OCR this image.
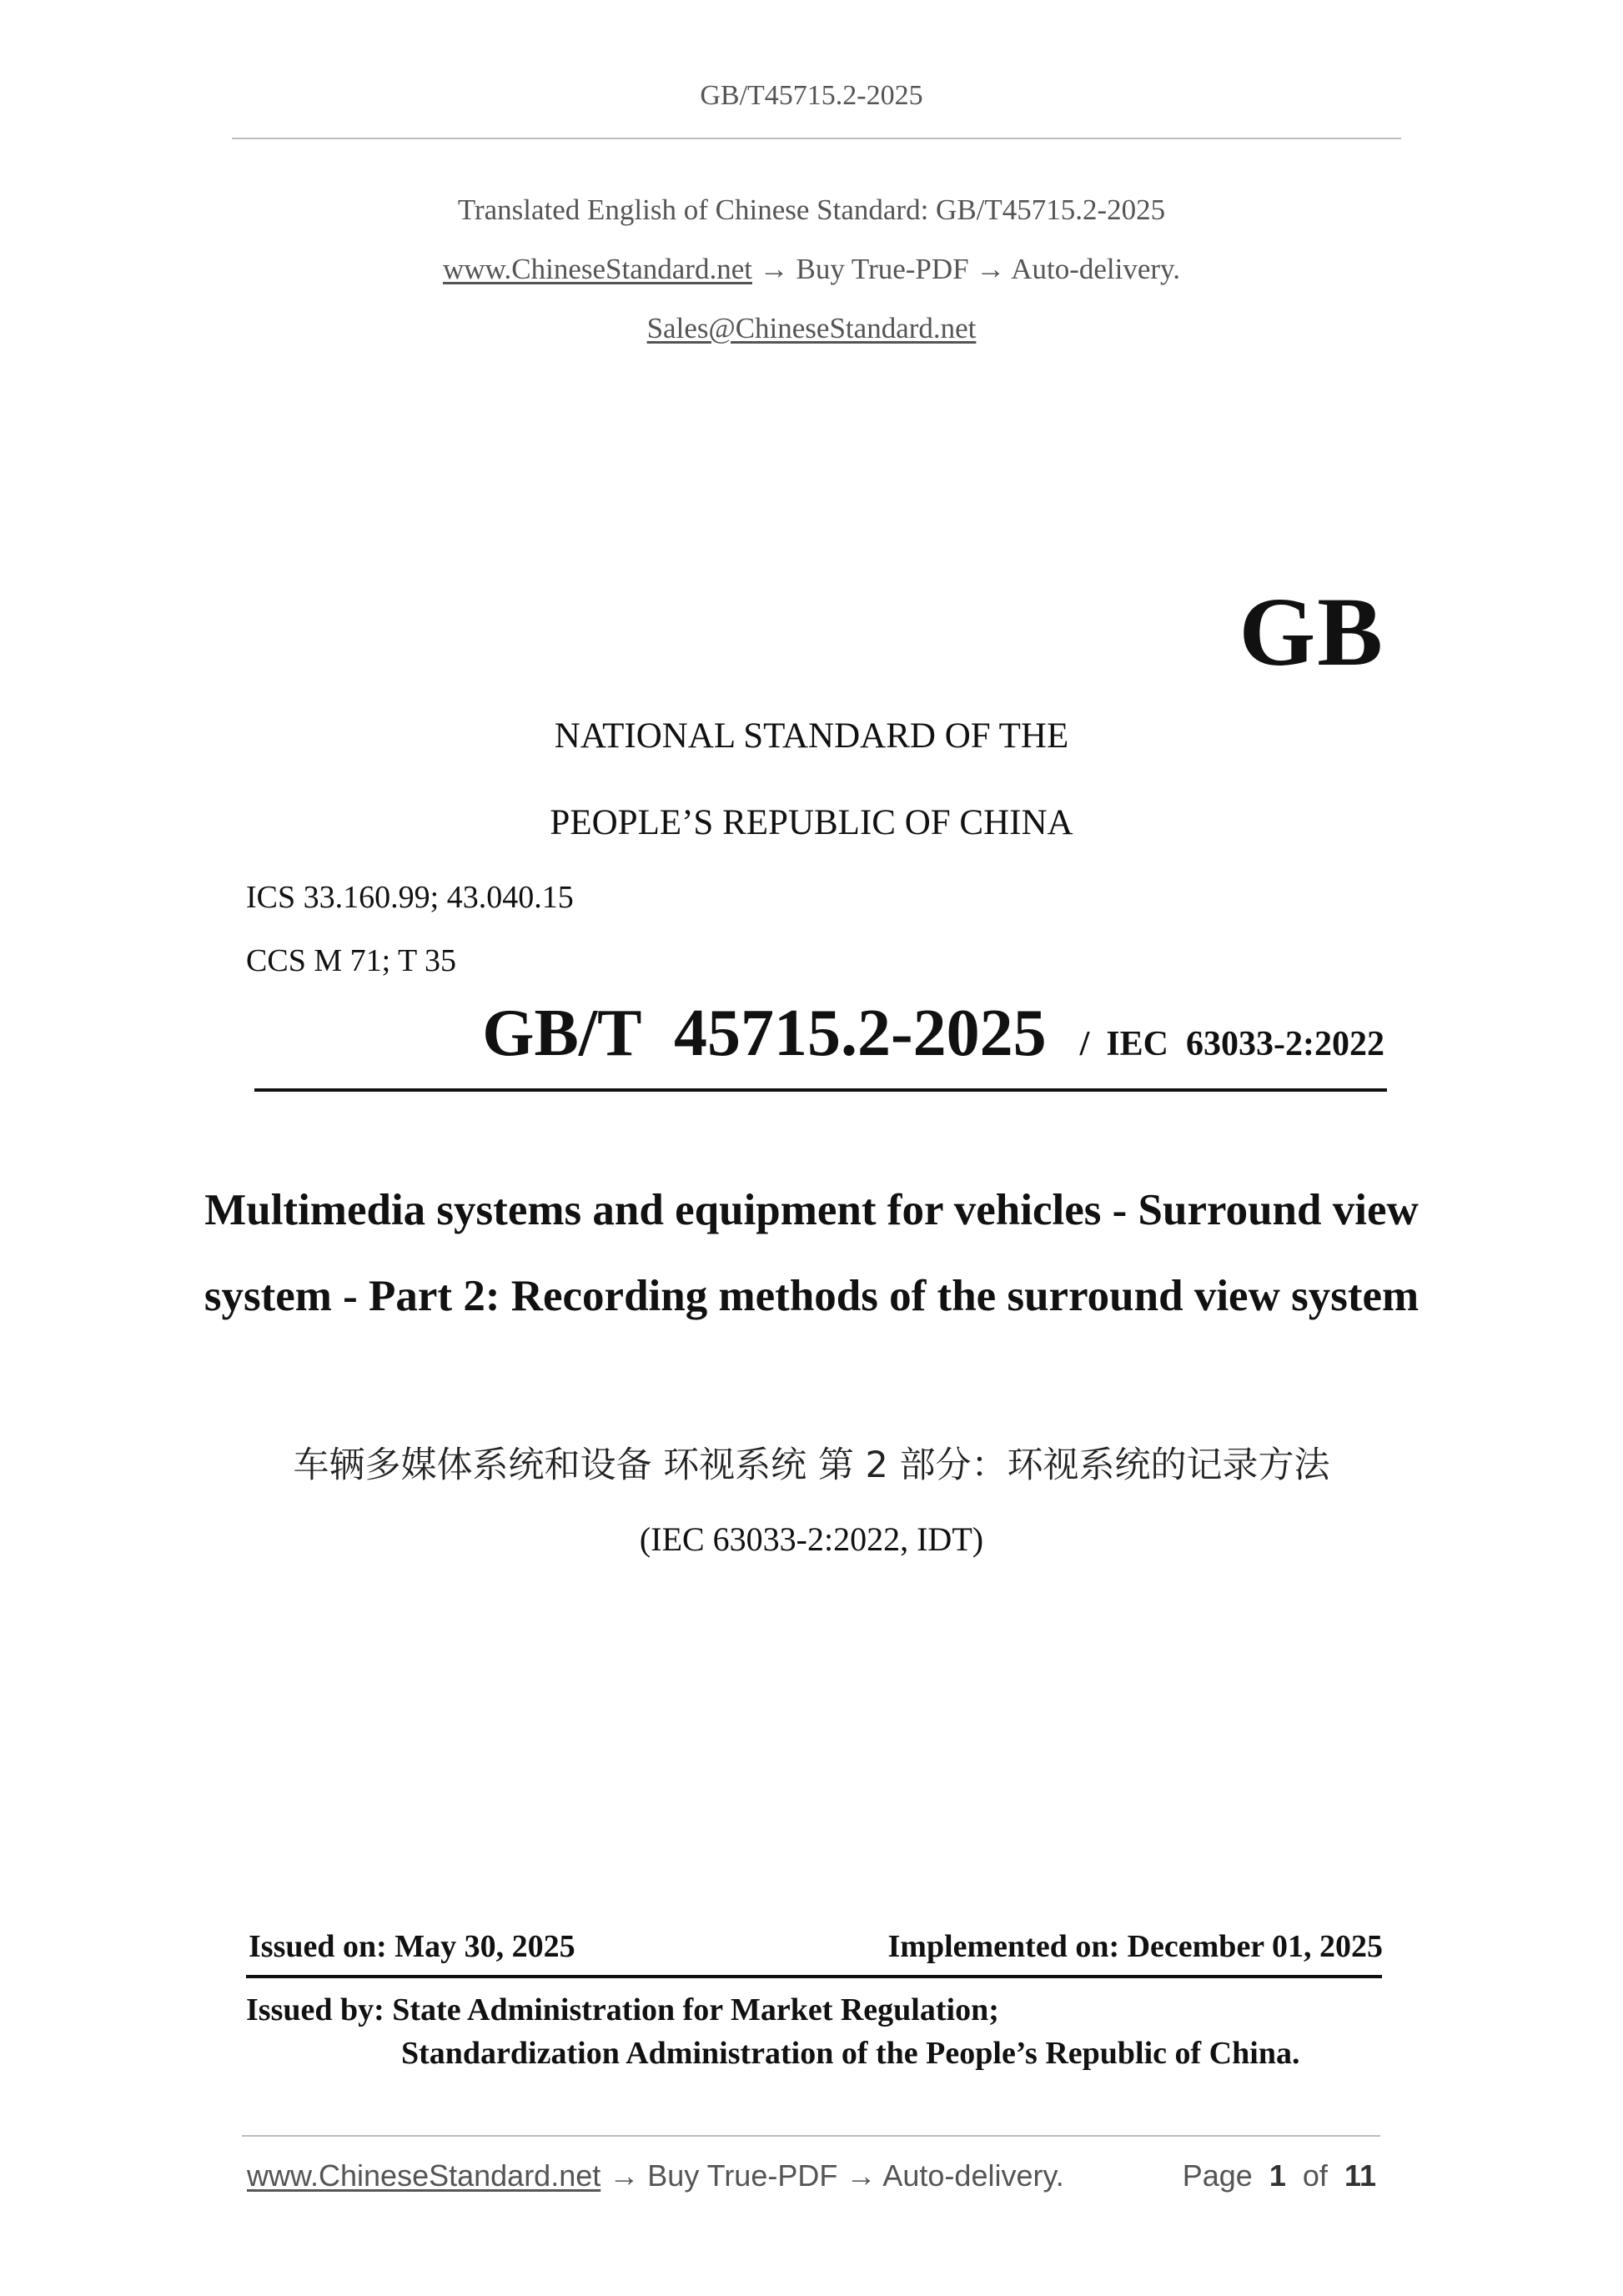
GB/T45715.2-2025
Translated English of Chinese Standard: GB/T45715.2-2025
www.ChineseStandard.net → Buy True-PDF → Auto-delivery.
Sales@ChineseStandard.net
GB
NATIONAL STANDARD OF THE
PEOPLE’S REPUBLIC OF CHINA
ICS 33.160.99; 43.040.15
CCS M 71; T 35
GB/T  45715.2-2025 / IEC  63033-2:2022
Multimedia systems and equipment for vehicles - Surround view system - Part 2: Recording methods of the surround view system
车辆多媒体系统和设备 环视系统 第 2 部分：环视系统的记录方法
(IEC 63033-2:2022, IDT)
Issued on: May 30, 2025	Implemented on: December 01, 2025
Issued by: State Administration for Market Regulation;
Standardization Administration of the People’s Republic of China.
www.ChineseStandard.net → Buy True-PDF → Auto-delivery.	Page 1 of 11
